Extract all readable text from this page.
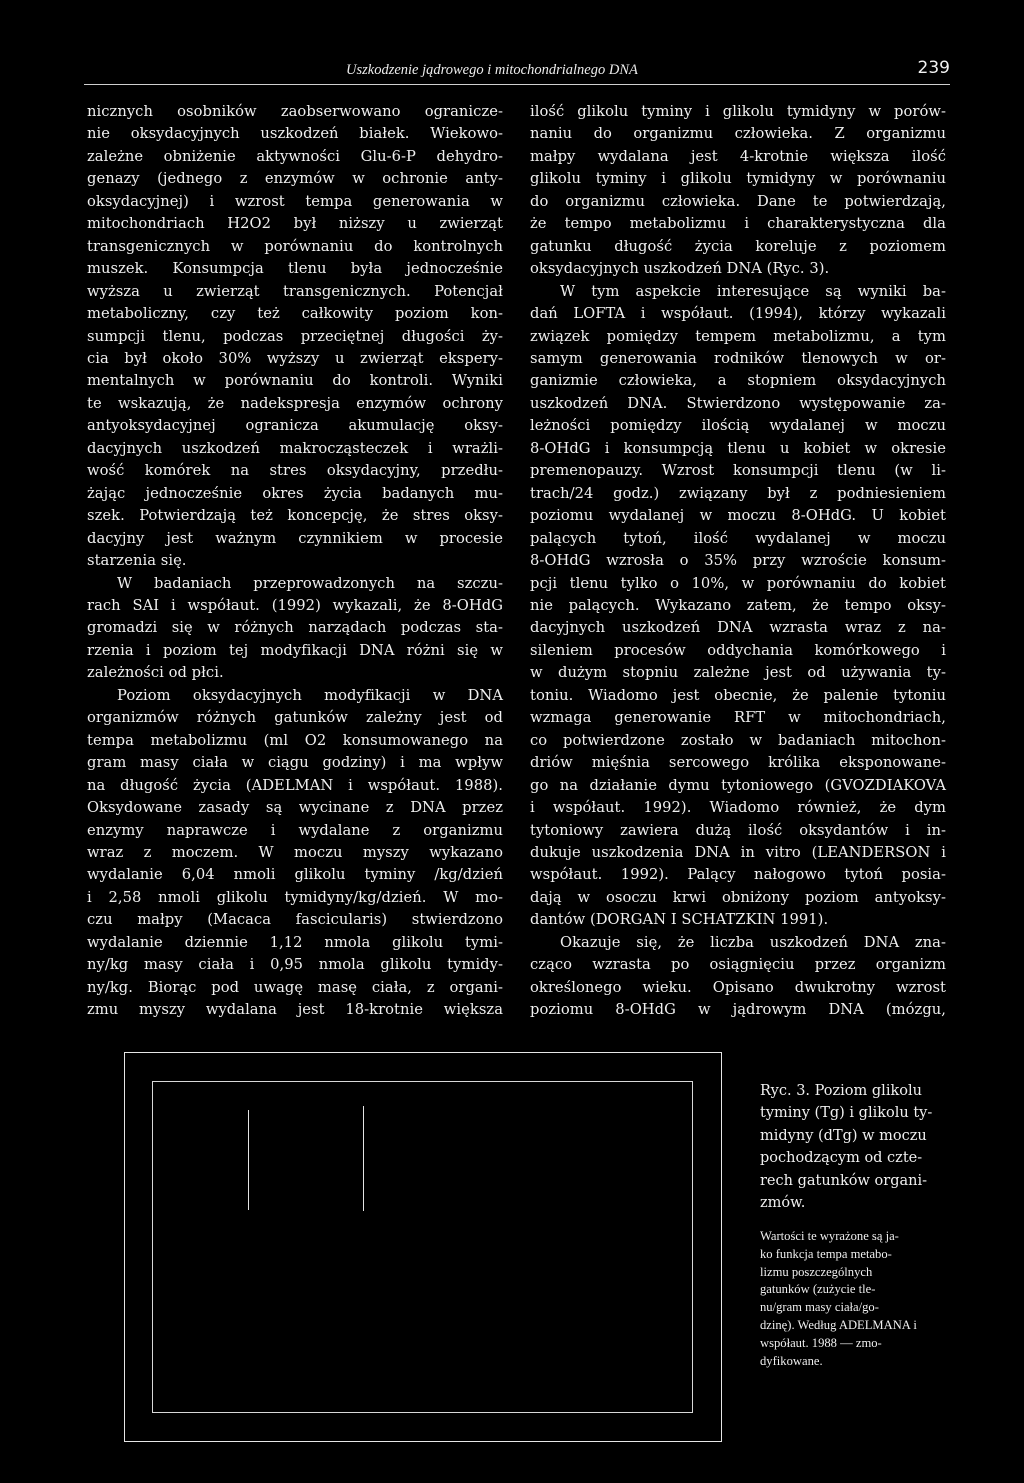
Uszkodzenie jądrowego i mitochondrialnego DNA	239
nicznych osobników zaobserwowano ogranicze-
nie oksydacyjnych uszkodzeń białek. Wiekowo-
zależne obniżenie aktywności Glu-6-P dehydro-
genazy (jednego z enzymów w ochronie anty-
oksydacyjnej) i wzrost tempa generowania w
mitochondriach H2O2 był niższy u zwierząt
transgenicznych w porównaniu do kontrolnych
muszek. Konsumpcja tlenu była jednocześnie
wyższa u zwierząt transgenicznych. Potencjał
metaboliczny, czy też całkowity poziom kon-
sumpcji tlenu, podczas przeciętnej długości ży-
cia był około 30% wyższy u zwierząt ekspery-
mentalnych w porównaniu do kontroli. Wyniki
te wskazują, że nadekspresja enzymów ochrony
antyoksydacyjnej ogranicza akumulację oksy-
dacyjnych uszkodzeń makrocząsteczek i wrażli-
wość komórek na stres oksydacyjny, przedłu-
żając jednocześnie okres życia badanych mu-
szek. Potwierdzają też koncepcję, że stres oksy-
dacyjny jest ważnym czynnikiem w procesie
starzenia się.
W badaniach przeprowadzonych na szczu-
rach SAI i współaut. (1992) wykazali, że 8-OHdG
gromadzi się w różnych narządach podczas sta-
rzenia i poziom tej modyfikacji DNA różni się w
zależności od płci.
Poziom oksydacyjnych modyfikacji w DNA
organizmów różnych gatunków zależny jest od
tempa metabolizmu (ml O2 konsumowanego na
gram masy ciała w ciągu godziny) i ma wpływ
na długość życia (ADELMAN i współaut. 1988).
Oksydowane zasady są wycinane z DNA przez
enzymy naprawcze i wydalane z organizmu
wraz z moczem. W moczu myszy wykazano
wydalanie 6,04 nmoli glikolu tyminy /kg/dzień
i 2,58 nmoli glikolu tymidyny/kg/dzień. W mo-
czu małpy (Macaca fascicularis) stwierdzono
wydalanie dziennie 1,12 nmola glikolu tymi-
ny/kg masy ciała i 0,95 nmola glikolu tymidy-
ny/kg. Biorąc pod uwagę masę ciała, z organi-
zmu myszy wydalana jest 18-krotnie większa
ilość glikolu tyminy i glikolu tymidyny w porów-
naniu do organizmu człowieka. Z organizmu
małpy wydalana jest 4-krotnie większa ilość
glikolu tyminy i glikolu tymidyny w porównaniu
do organizmu człowieka. Dane te potwierdzają,
że tempo metabolizmu i charakterystyczna dla
gatunku długość życia koreluje z poziomem
oksydacyjnych uszkodzeń DNA (Ryc. 3).
W tym aspekcie interesujące są wyniki ba-
dań LOFTA i współaut. (1994), którzy wykazali
związek pomiędzy tempem metabolizmu, a tym
samym generowania rodników tlenowych w or-
ganizmie człowieka, a stopniem oksydacyjnych
uszkodzeń DNA. Stwierdzono występowanie za-
leżności pomiędzy ilością wydalanej w moczu
8-OHdG i konsumpcją tlenu u kobiet w okresie
premenopauzy. Wzrost konsumpcji tlenu (w li-
trach/24 godz.) związany był z podniesieniem
poziomu wydalanej w moczu 8-OHdG. U kobiet
palących tytoń, ilość wydalanej w moczu
8-OHdG wzrosła o 35% przy wzroście konsum-
pcji tlenu tylko o 10%, w porównaniu do kobiet
nie palących. Wykazano zatem, że tempo oksy-
dacyjnych uszkodzeń DNA wzrasta wraz z na-
sileniem procesów oddychania komórkowego i
w dużym stopniu zależne jest od używania ty-
toniu. Wiadomo jest obecnie, że palenie tytoniu
wzmaga generowanie RFT w mitochondriach,
co potwierdzone zostało w badaniach mitochon-
driów mięśnia sercowego królika eksponowane-
go na działanie dymu tytoniowego (GVOZDIAKOVA
i współaut. 1992). Wiadomo również, że dym
tytoniowy zawiera dużą ilość oksydantów i in-
dukuje uszkodzenia DNA in vitro (LEANDERSON i
współaut. 1992). Palący nałogowo tytoń posia-
dają w osoczu krwi obniżony poziom antyoksy-
dantów (DORGAN I SCHATZKIN 1991).
Okazuje się, że liczba uszkodzeń DNA zna-
cząco wzrasta po osiągnięciu przez organizm
określonego wieku. Opisano dwukrotny wzrost
poziomu 8-OHdG w jądrowym DNA (mózgu,
Ryc. 3. Poziom glikolu
tyminy (Tg) i glikolu ty-
midyny (dTg) w moczu
pochodzącym od czte-
rech gatunków organi-
zmów.
Wartości te wyrażone są ja-
ko funkcja tempa metabo-
lizmu poszczególnych
gatunków (zużycie tle-
nu/gram masy ciała/go-
dzinę). Według ADELMANA i
współaut. 1988 — zmo-
dyfikowane.
